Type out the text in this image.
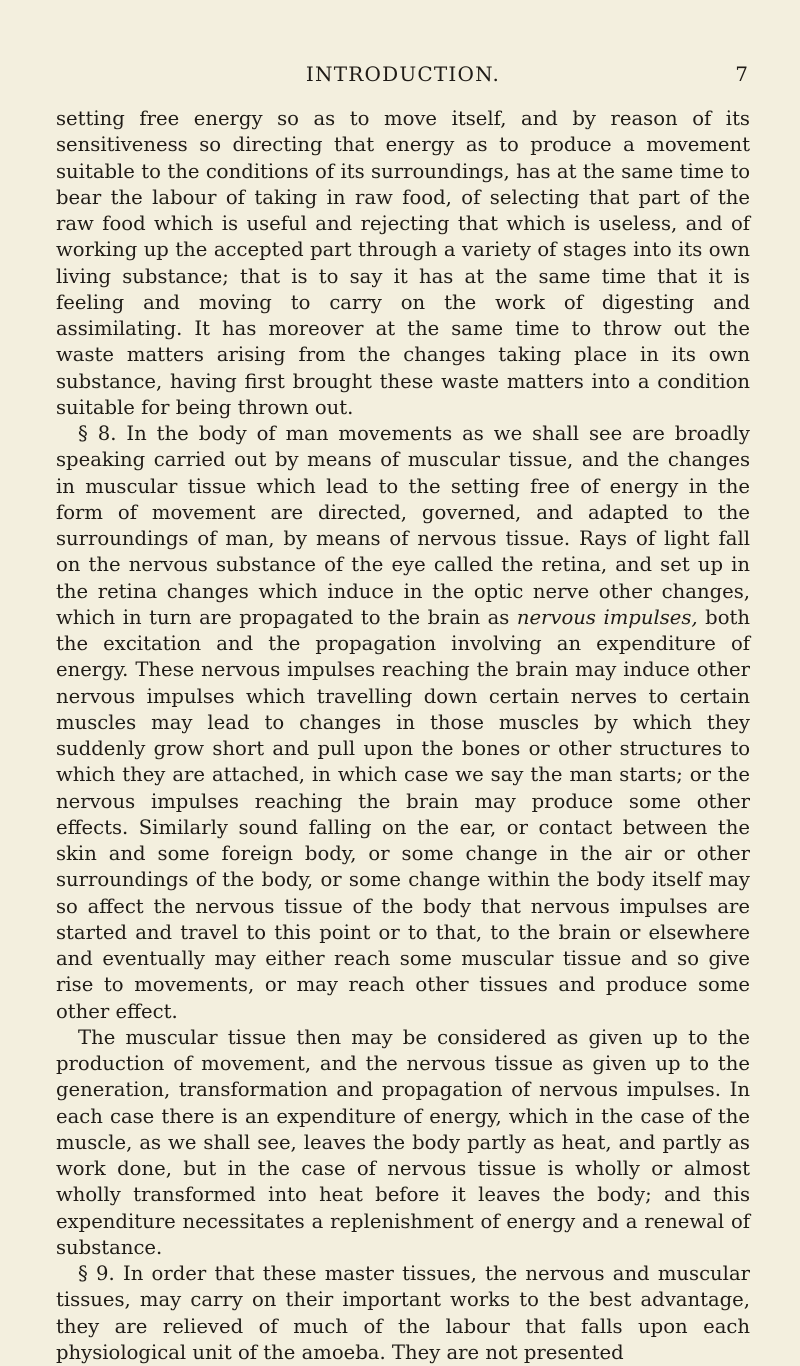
INTRODUCTION.	7

setting free energy so as to move itself, and by reason of its sensitiveness so directing that energy as to produce a movement suitable to the conditions of its surroundings, has at the same time to bear the labour of taking in raw food, of selecting that part of the raw food which is useful and rejecting that which is useless, and of working up the accepted part through a variety of stages into its own living substance; that is to say it has at the same time that it is feeling and moving to carry on the work of digesting and assimilating. It has moreover at the same time to throw out the waste matters arising from the changes taking place in its own substance, having first brought these waste matters into a condition suitable for being thrown out.

§ 8. In the body of man movements as we shall see are broadly speaking carried out by means of muscular tissue, and the changes in muscular tissue which lead to the setting free of energy in the form of movement are directed, governed, and adapted to the surroundings of man, by means of nervous tissue. Rays of light fall on the nervous substance of the eye called the retina, and set up in the retina changes which induce in the optic nerve other changes, which in turn are propagated to the brain as nervous impulses, both the excitation and the propagation involving an expenditure of energy. These nervous impulses reaching the brain may induce other nervous impulses which travelling down certain nerves to certain muscles may lead to changes in those muscles by which they suddenly grow short and pull upon the bones or other structures to which they are attached, in which case we say the man starts; or the nervous impulses reaching the brain may produce some other effects. Similarly sound falling on the ear, or contact between the skin and some foreign body, or some change in the air or other surroundings of the body, or some change within the body itself may so affect the nervous tissue of the body that nervous impulses are started and travel to this point or to that, to the brain or elsewhere and eventually may either reach some muscular tissue and so give rise to movements, or may reach other tissues and produce some other effect.

The muscular tissue then may be considered as given up to the production of movement, and the nervous tissue as given up to the generation, transformation and propagation of nervous impulses. In each case there is an expenditure of energy, which in the case of the muscle, as we shall see, leaves the body partly as heat, and partly as work done, but in the case of nervous tissue is wholly or almost wholly transformed into heat before it leaves the body; and this expenditure necessitates a replenishment of energy and a renewal of substance.

§ 9. In order that these master tissues, the nervous and muscular tissues, may carry on their important works to the best advantage, they are relieved of much of the labour that falls upon each physiological unit of the amoeba. They are not presented
